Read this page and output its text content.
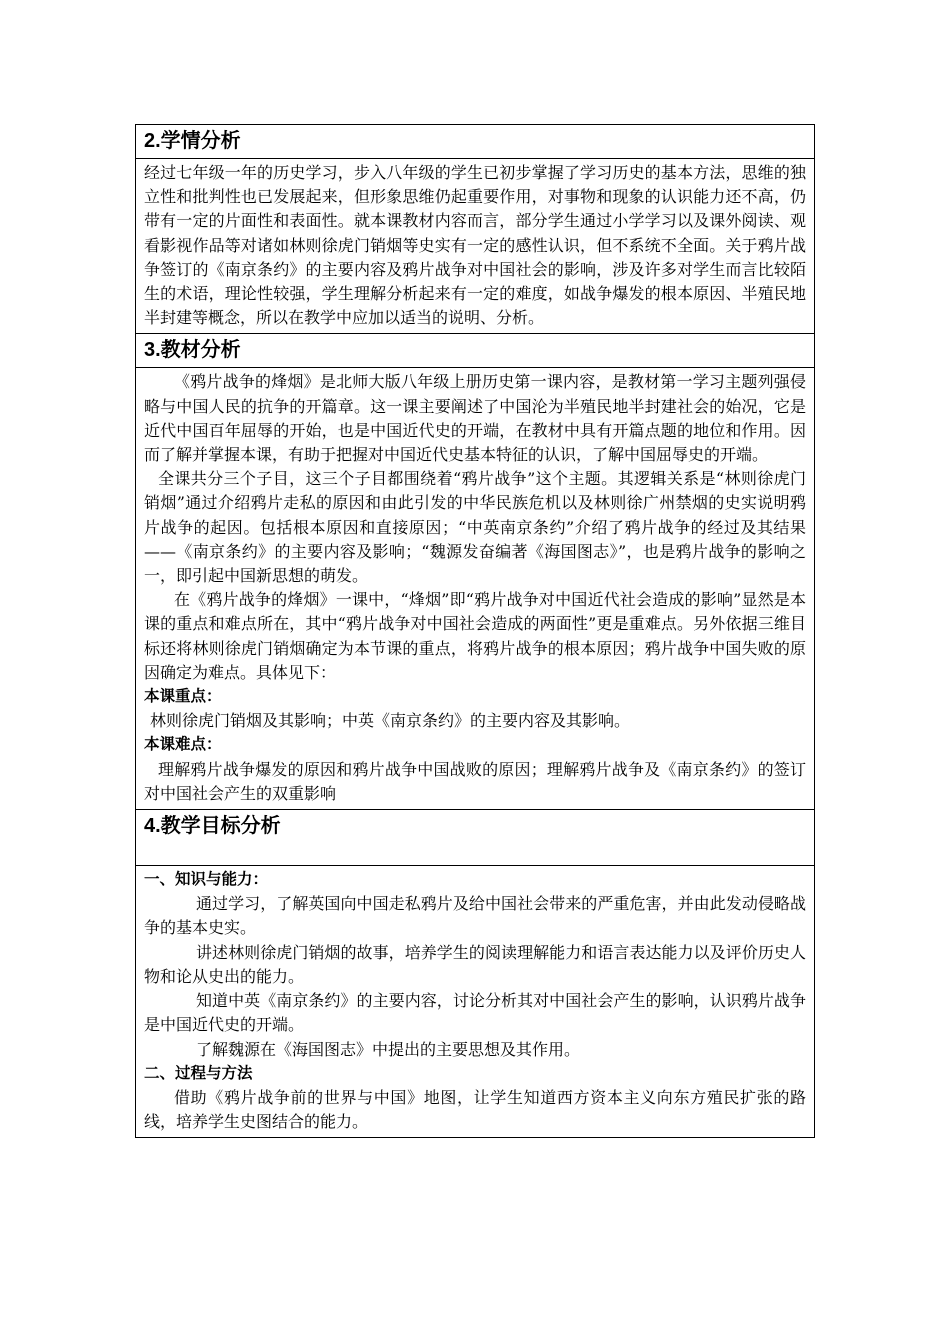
2.学情分析

经过七年级一年的历史学习，步入八年级的学生已初步掌握了学习历史的基本方法，思维的独立性和批判性也已发展起来，但形象思维仍起重要作用，对事物和现象的认识能力还不高，仍带有一定的片面性和表面性。就本课教材内容而言，部分学生通过小学学习以及课外阅读、观看影视作品等对诸如林则徐虎门销烟等史实有一定的感性认识，但不系统不全面。关于鸦片战争签订的《南京条约》的主要内容及鸦片战争对中国社会的影响，涉及许多对学生而言比较陌生的术语，理论性较强，学生理解分析起来有一定的难度，如战争爆发的根本原因、半殖民地半封建等概念，所以在教学中应加以适当的说明、分析。

3.教材分析

《鸦片战争的烽烟》是北师大版八年级上册历史第一课内容，是教材第一学习主题列强侵略与中国人民的抗争的开篇章。这一课主要阐述了中国沦为半殖民地半封建社会的始况，它是近代中国百年屈辱的开始，也是中国近代史的开端，在教材中具有开篇点题的地位和作用。因而了解并掌握本课，有助于把握对中国近代史基本特征的认识，了解中国屈辱史的开端。

全课共分三个子目，这三个子目都围绕着“鸦片战争”这个主题。其逻辑关系是“林则徐虎门销烟”通过介绍鸦片走私的原因和由此引发的中华民族危机以及林则徐广州禁烟的史实说明鸦片战争的起因。包括根本原因和直接原因；“中英南京条约”介绍了鸦片战争的经过及其结果——《南京条约》的主要内容及影响；“魏源发奋编著《海国图志》”，也是鸦片战争的影响之一，即引起中国新思想的萌发。

在《鸦片战争的烽烟》一课中，“烽烟”即“鸦片战争对中国近代社会造成的影响”显然是本课的重点和难点所在，其中“鸦片战争对中国社会造成的两面性”更是重难点。另外依据三维目标还将林则徐虎门销烟确定为本节课的重点，将鸦片战争的根本原因；鸦片战争中国失败的原因确定为难点。具体见下：

本课重点：

林则徐虎门销烟及其影响；中英《南京条约》的主要内容及其影响。

本课难点：

理解鸦片战争爆发的原因和鸦片战争中国战败的原因；理解鸦片战争及《南京条约》的签订对中国社会产生的双重影响

4.教学目标分析

一、知识与能力：

通过学习，了解英国向中国走私鸦片及给中国社会带来的严重危害，并由此发动侵略战争的基本史实。

讲述林则徐虎门销烟的故事，培养学生的阅读理解能力和语言表达能力以及评价历史人物和论从史出的能力。

知道中英《南京条约》的主要内容，讨论分析其对中国社会产生的影响，认识鸦片战争是中国近代史的开端。

了解魏源在《海国图志》中提出的主要思想及其作用。

二、过程与方法

借助《鸦片战争前的世界与中国》地图，让学生知道西方资本主义向东方殖民扩张的路线，培养学生史图结合的能力。
